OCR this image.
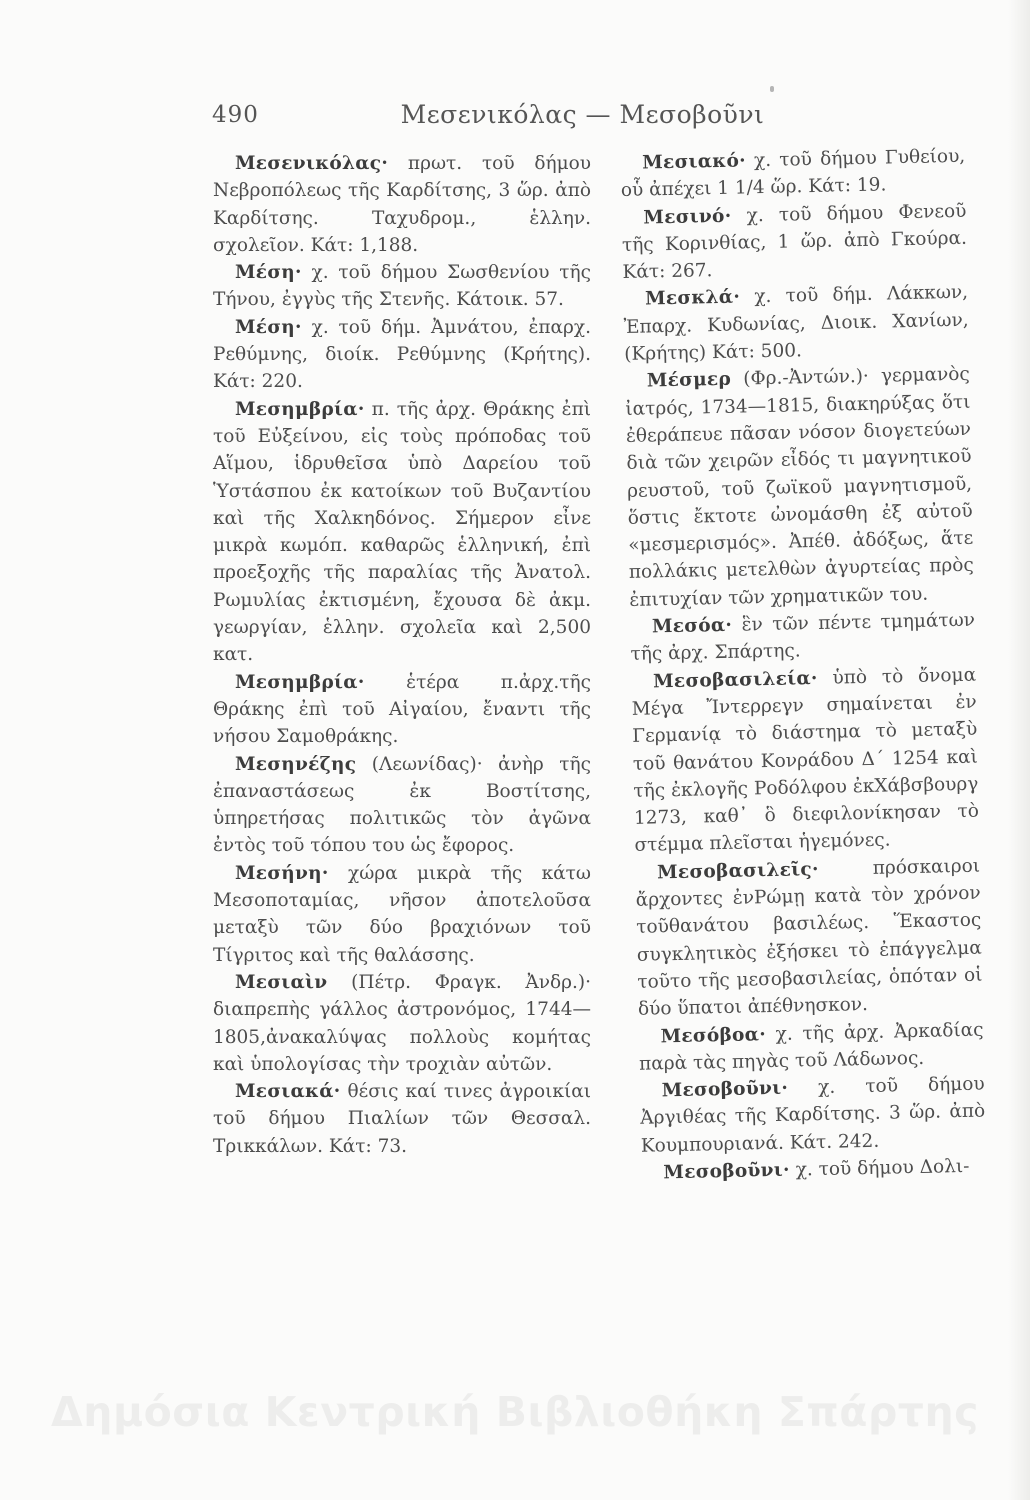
490	Μεσενικόλας — Μεσοβοῦνι

Μεσενικόλας· πρωτ. τοῦ δήμου Νεβροπόλεως τῆς Καρδίτσης, 3 ὥρ. ἀπὸ Καρδίτσης. Ταχυδρομ., ἑλλην. σχολεῖον. Κάτ: 1,188.

Μέση· χ. τοῦ δήμου Σωσθενίου τῆς Τήνου, ἐγγὺς τῆς Στενῆς. Κάτοικ. 57.

Μέση· χ. τοῦ δήμ. Ἀμνάτου, ἐπαρχ. Ρεθύμνης, διοίκ. Ρεθύμνης (Κρήτης). Κάτ: 220.

Μεσημβρία· π. τῆς ἀρχ. Θράκης ἐπὶ τοῦ Εὐξείνου, εἰς τοὺς πρόποδας τοῦ Αἵμου, ἱδρυθεῖσα ὑπὸ Δαρείου τοῦ Ὑστάσπου ἐκ κατοίκων τοῦ Βυζαντίου καὶ τῆς Χαλκηδόνος. Σήμερον εἶνε μικρὰ κωμόπ. καθαρῶς ἑλληνική, ἐπὶ προεξοχῆς τῆς παραλίας τῆς Ἀνατολ. Ρωμυλίας ἐκτισμένη, ἔχουσα δὲ ἀκμ. γεωργίαν, ἑλλην. σχολεῖα καὶ 2,500 κατ.

Μεσημβρία· ἑτέρα π.ἀρχ.τῆς Θράκης ἐπὶ τοῦ Αἰγαίου, ἔναντι τῆς νήσου Σαμοθράκης.

Μεσηνέζης (Λεωνίδας)· ἀνὴρ τῆς ἐπαναστάσεως ἐκ Βοστίτσης, ὑπηρετήσας πολιτικῶς τὸν ἀγῶνα ἐντὸς τοῦ τόπου του ὡς ἔφορος.

Μεσήνη· χώρα μικρὰ τῆς κάτω Μεσοποταμίας, νῆσον ἀποτελοῦσα μεταξὺ τῶν δύο βραχιόνων τοῦ Τίγριτος καὶ τῆς θαλάσσης.

Μεσιαὶν (Πέτρ. Φραγκ. Ἀνδρ.)· διαπρεπὴς γάλλος ἀστρονόμος, 1744—1805,ἀνακαλύψας πολλοὺς κομήτας καὶ ὑπολογίσας τὴν τροχιὰν αὐτῶν.

Μεσιακά· θέσις καί τινες ἀγροικίαι τοῦ δήμου Πιαλίων τῶν Θεσσαλ. Τρικκάλων. Κάτ: 73.

Μεσιακό· χ. τοῦ δήμου Γυθείου, οὗ ἀπέχει 1 1/4 ὥρ. Κάτ: 19.

Μεσινό· χ. τοῦ δήμου Φενεοῦ τῆς Κορινθίας, 1 ὥρ. ἀπὸ Γκούρα. Κάτ: 267.

Μεσκλά· χ. τοῦ δήμ. Λάκκων, Ἐπαρχ. Κυδωνίας, Διοικ. Χανίων, (Κρήτης) Κάτ: 500.

Μέσμερ (Φρ.-Ἀντών.)· γερμανὸς ἰατρός, 1734—1815, διακηρύξας ὅτι ἐθεράπευε πᾶσαν νόσον διογετεύων διὰ τῶν χειρῶν εἶδός τι μαγνητικοῦ ρευστοῦ, τοῦ ζωϊκοῦ μαγνητισμοῦ, ὅστις ἔκτοτε ὠνομάσθη ἐξ αὐτοῦ «μεσμερισμός». Ἀπέθ. ἀδόξως, ἅτε πολλάκις μετελθὼν ἀγυρτείας πρὸς ἐπιτυχίαν τῶν χρηματικῶν του.

Μεσόα· ἓν τῶν πέντε τμημάτων τῆς ἀρχ. Σπάρτης.

Μεσοβασιλεία· ὑπὸ τὸ ὄνομα Μέγα Ἴντερρεγν σημαίνεται ἐν Γερμανίᾳ τὸ διάστημα τὸ μεταξὺ τοῦ θανάτου Κονράδου Δ΄ 1254 καὶ τῆς ἐκλογῆς Ροδόλφου ἐκΧάβσβουργ 1273, καθ᾽ ὃ διεφιλονίκησαν τὸ στέμμα πλεῖσται ἡγεμόνες.

Μεσοβασιλεῖς·	πρόσκαιροι ἄρχοντες ἐνΡώμῃ κατὰ τὸν χρόνον τοῦθανάτου βασιλέως. Ἕκαστος συγκλητικὸς ἐξήσκει τὸ ἐπάγγελμα τοῦτο τῆς μεσοβασιλείας, ὁπόταν οἱ δύο ὕπατοι ἀπέθνησκον.

Μεσόβοα· χ. τῆς ἀρχ. Ἀρκαδίας παρὰ τὰς πηγὰς τοῦ Λάδωνος.

Μεσοβοῦνι· χ. τοῦ δήμου Ἀργιθέας τῆς Καρδίτσης. 3 ὥρ. ἀπὸ Κουμπουριανά. Κάτ. 242.

Μεσοβοῦνι· χ. τοῦ δήμου Δολι-

Δημόσια Κεντρική Βιβλιοθήκη Σπάρτης
